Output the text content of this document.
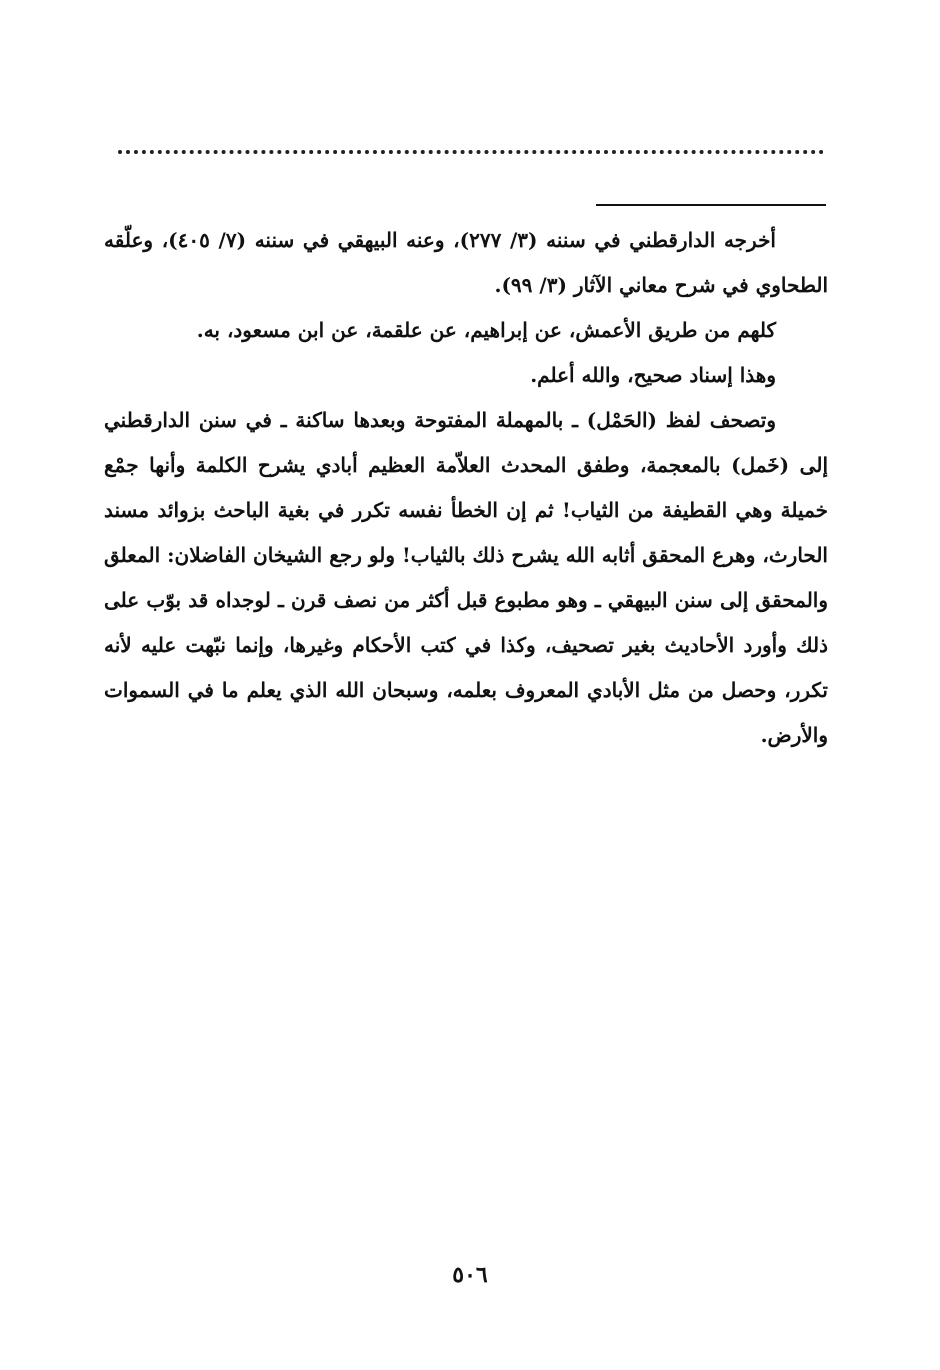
أخرجه الدارقطني في سننه (٣/ ٢٧٧)، وعنه البيهقي في سننه (٧/ ٤٠٥)، وعلّقه الطحاوي في شرح معاني الآثار (٣/ ٩٩).

كلهم من طريق الأعمش، عن إبراهيم، عن علقمة، عن ابن مسعود، به.

وهذا إسناد صحيح، والله أعلم.

وتصحف لفظ (الحَمْل) ـ بالمهملة المفتوحة وبعدها ساكنة ـ في سنن الدارقطني إلى (خَمل) بالمعجمة، وطفق المحدث العلاّمة العظيم أبادي يشرح الكلمة وأنها جمْع خميلة وهي القطيفة من الثياب! ثم إن الخطأ نفسه تكرر في بغية الباحث بزوائد مسند الحارث، وهرع المحقق أثابه الله يشرح ذلك بالثياب! ولو رجع الشيخان الفاضلان: المعلق والمحقق إلى سنن البيهقي ـ وهو مطبوع قبل أكثر من نصف قرن ـ لوجداه قد بوّب على ذلك وأورد الأحاديث بغير تصحيف، وكذا في كتب الأحكام وغيرها، وإنما نبّهت عليه لأنه تكرر، وحصل من مثل الأبادي المعروف بعلمه، وسبحان الله الذي يعلم ما في السموات والأرض.

٥٠٦
